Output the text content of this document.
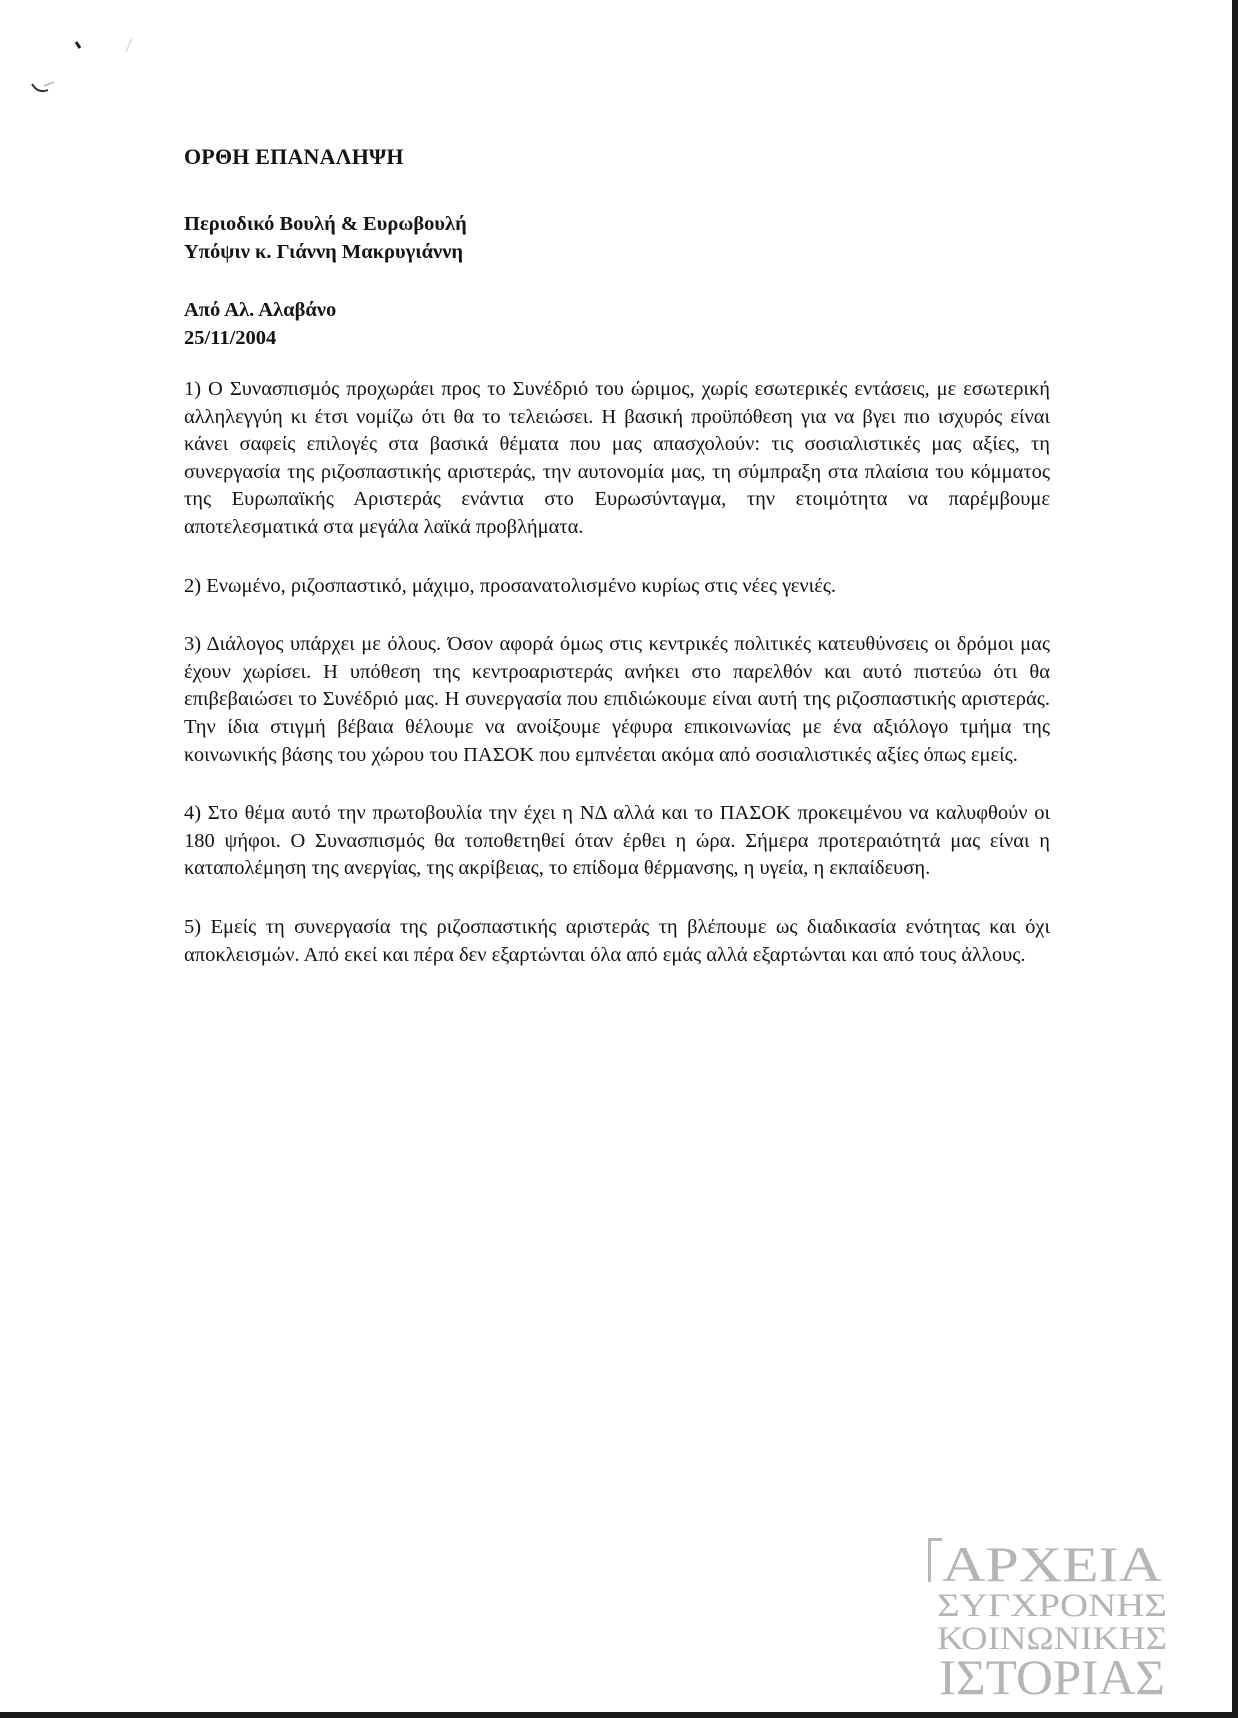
ΟΡΘΗ ΕΠΑΝΑΛΗΨΗ

Περιοδικό Βουλή & Ευρωβουλή
Υπόψιν κ. Γιάννη Μακρυγιάννη
Από Αλ. Αλαβάνο
25/11/2004

1) Ο Συνασπισμός προχωράει προς το Συνέδριό του ώριμος, χωρίς εσωτερικές εντάσεις, με εσωτερική αλληλεγγύη κι έτσι νομίζω ότι θα το τελειώσει. Η βασική προϋπόθεση για να βγει πιο ισχυρός είναι κάνει σαφείς επιλογές στα βασικά θέματα που μας απασχολούν: τις σοσιαλιστικές μας αξίες, τη συνεργασία της ριζοσπαστικής αριστεράς, την αυτονομία μας, τη σύμπραξη στα πλαίσια του κόμματος της Ευρωπαϊκής Αριστεράς ενάντια στο Ευρωσύνταγμα, την ετοιμότητα να παρέμβουμε αποτελεσματικά στα μεγάλα λαϊκά προβλήματα.

2) Ενωμένο, ριζοσπαστικό, μάχιμο, προσανατολισμένο κυρίως στις νέες γενιές.

3) Διάλογος υπάρχει με όλους. Όσον αφορά όμως στις κεντρικές πολιτικές κατευθύνσεις οι δρόμοι μας έχουν χωρίσει. Η υπόθεση της κεντροαριστεράς ανήκει στο παρελθόν και αυτό πιστεύω ότι θα επιβεβαιώσει το Συνέδριό μας. Η συνεργασία που επιδιώκουμε είναι αυτή της ριζοσπαστικής αριστεράς. Την ίδια στιγμή βέβαια θέλουμε να ανοίξουμε γέφυρα επικοινωνίας με ένα αξιόλογο τμήμα της κοινωνικής βάσης του χώρου του ΠΑΣΟΚ που εμπνέεται ακόμα από σοσιαλιστικές αξίες όπως εμείς.

4) Στο θέμα αυτό την πρωτοβουλία την έχει η ΝΔ αλλά και το ΠΑΣΟΚ προκειμένου να καλυφθούν οι 180 ψήφοι. Ο Συνασπισμός θα τοποθετηθεί όταν έρθει η ώρα. Σήμερα προτεραιότητά μας είναι η καταπολέμηση της ανεργίας, της ακρίβειας, το επίδομα θέρμανσης, η υγεία, η εκπαίδευση.

5) Εμείς τη συνεργασία της ριζοσπαστικής αριστεράς τη βλέπουμε ως διαδικασία ενότητας και όχι αποκλεισμών. Από εκεί και πέρα δεν εξαρτώνται όλα από εμάς αλλά εξαρτώνται και από τους άλλους.

ΑΡΧΕΙΑ
ΣΥΓΧΡΟΝΗΣ
ΚΟΙΝΩΝΙΚΗΣ
ΙΣΤΟΡΙΑΣ
